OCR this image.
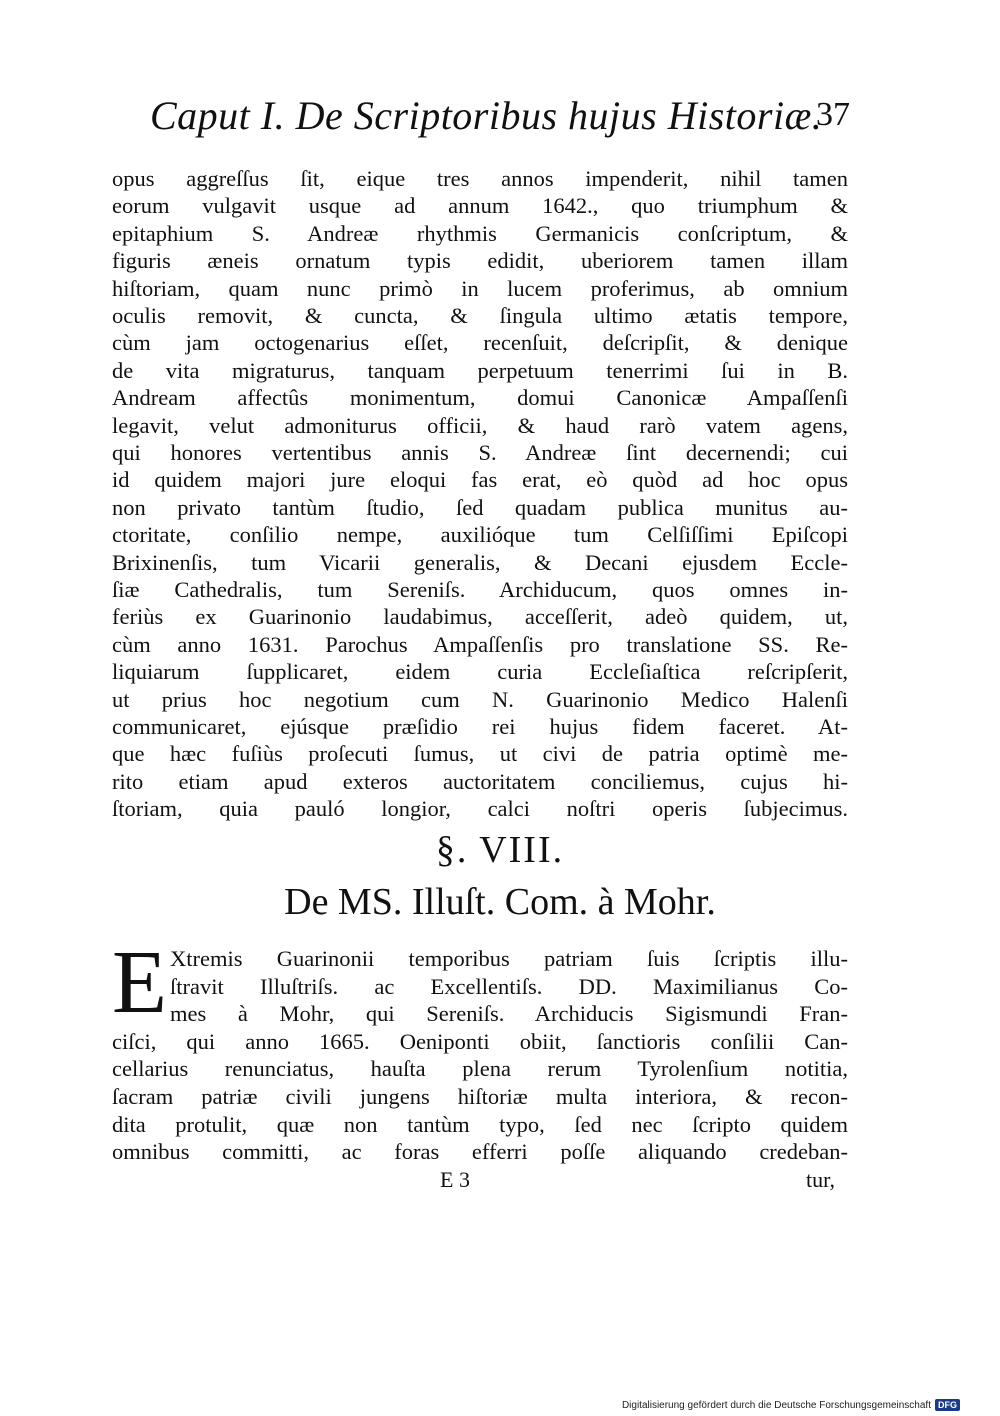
Caput I. De Scriptoribus hujus Historiæ.
37
opus aggreſſus ſit, eique tres annos impenderit, nihil tamen
eorum vulgavit usque ad annum 1642., quo triumphum &
epitaphium S. Andreæ rhythmis Germanicis conſcriptum, &
figuris æneis ornatum typis edidit, uberiorem tamen illam
hiſtoriam, quam nunc primò in lucem proferimus, ab omnium
oculis removit, & cuncta, & ſingula ultimo ætatis tempore,
cùm jam octogenarius eſſet, recenſuit, deſcripſit, & denique
de vita migraturus, tanquam perpetuum tenerrimi ſui in B.
Andream affectûs monimentum, domui Canonicæ Ampaſſenſi
legavit, velut admoniturus officii, & haud rarò vatem agens,
qui honores vertentibus annis S. Andreæ ſint decernendi; cui
id quidem majori jure eloqui fas erat, eò quòd ad hoc opus
non privato tantùm ſtudio, ſed quadam publica munitus au-
ctoritate, conſilio nempe, auxilióque tum Celſiſſimi Epiſcopi
Brixinenſis, tum Vicarii generalis, & Decani ejusdem Eccle-
ſiæ Cathedralis, tum Sereniſs. Archiducum, quos omnes in-
feriùs ex Guarinonio laudabimus, acceſſerit, adeò quidem, ut,
cùm anno 1631. Parochus Ampaſſenſis pro translatione SS. Re-
liquiarum ſupplicaret, eidem curia Eccleſiaſtica reſcripſerit,
ut prius hoc negotium cum N. Guarinonio Medico Halenſi
communicaret, ejúsque præſidio rei hujus fidem faceret. At-
que hæc fuſiùs proſecuti ſumus, ut civi de patria optimè me-
rito etiam apud exteros auctoritatem conciliemus, cujus hi-
ſtoriam, quia pauló longior, calci noſtri operis ſubjecimus.
§. VIII.
De MS. Illuſt. Com. à Mohr.
E Xtremis Guarinonii temporibus patriam ſuis ſcriptis illu-
ſtravit Illuſtriſs. ac Excellentiſs. DD. Maximilianus Co-
mes à Mohr, qui Sereniſs. Archiducis Sigismundi Fran-
ciſci, qui anno 1665. Oeniponti obiit, ſanctioris conſilii Can-
cellarius renunciatus, hauſta plena rerum Tyrolenſium notitia,
ſacram patriæ civili jungens hiſtoriæ multa interiora, & recon-
dita protulit, quæ non tantùm typo, ſed nec ſcripto quidem
omnibus committi, ac foras efferri poſſe aliquando credeban-
E 3	tur,
Digitalisierung gefördert durch die Deutsche Forschungsgemeinschaft DFG
